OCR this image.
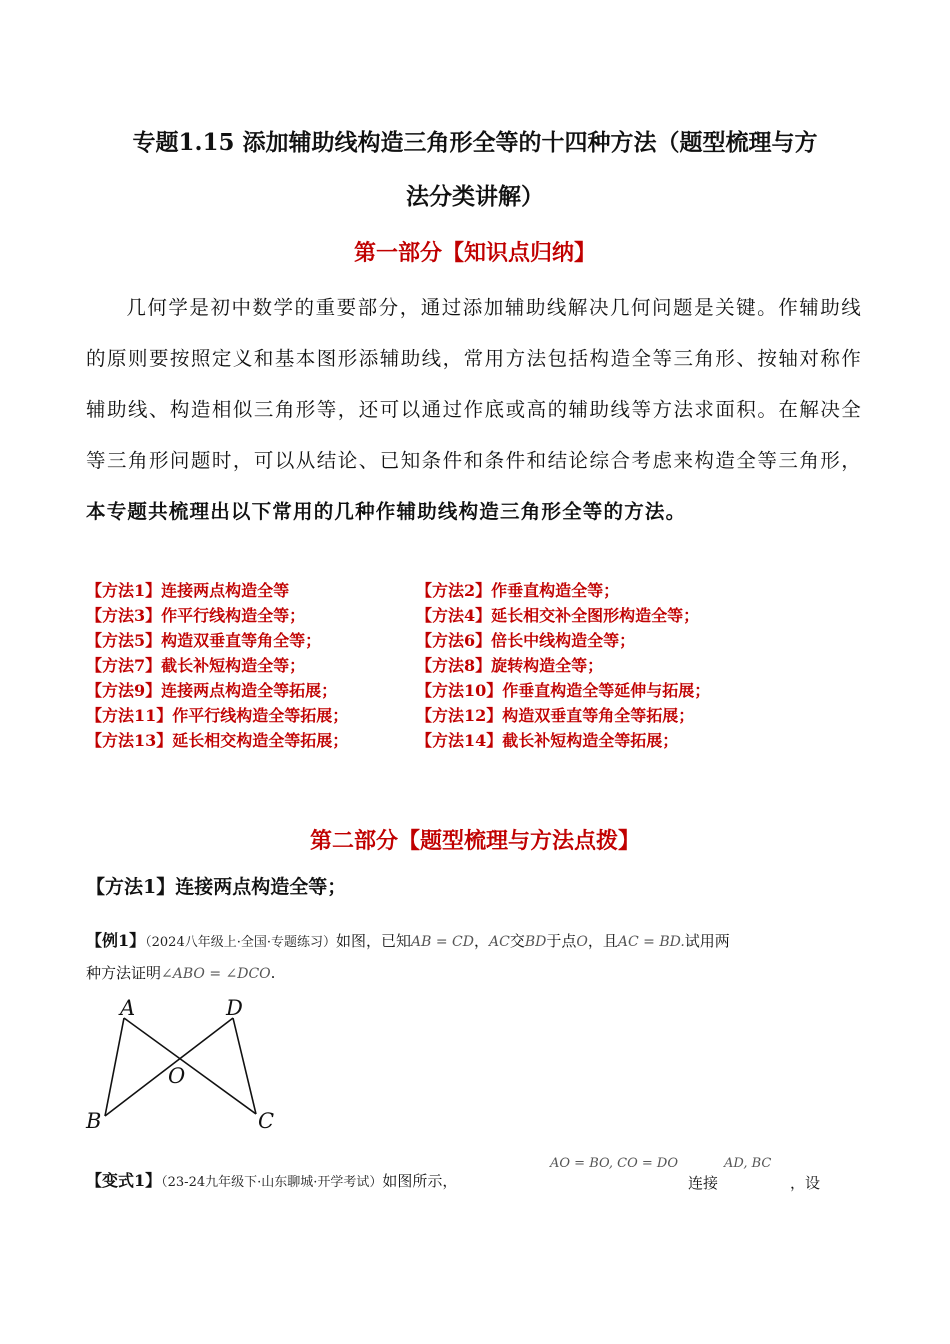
专题1.15 添加辅助线构造三角形全等的十四种方法（题型梳理与方
法分类讲解）
第一部分【知识点归纳】
几何学是初中数学的重要部分，通过添加辅助线解决几何问题是关键。作辅助线的原则要按照定义和基本图形添辅助线，常用方法包括构造全等三角形、按轴对称作辅助线、构造相似三角形等，还可以通过作底或高的辅助线等方法求面积。在解决全等三角形问题时，可以从结论、已知条件和条件和结论综合考虑来构造全等三角形，本专题共梳理出以下常用的几种作辅助线构造三角形全等的方法。
【方法1】连接两点构造全等	【方法2】作垂直构造全等；
【方法3】作平行线构造全等；	【方法4】延长相交补全图形构造全等；
【方法5】构造双垂直等角全等；	【方法6】倍长中线构造全等；
【方法7】截长补短构造全等；	【方法8】旋转构造全等；
【方法9】连接两点构造全等拓展；	【方法10】作垂直构造全等延伸与拓展；
【方法11】作平行线构造全等拓展；	【方法12】构造双垂直等角全等拓展；
【方法13】延长相交构造全等拓展；	【方法14】截长补短构造全等拓展；
第二部分【题型梳理与方法点拨】
【方法1】连接两点构造全等；
【例1】（2024八年级上·全国·专题练习）如图，已知AB = CD，AC交BD于点O，且AC = BD.试用两
种方法证明∠ABO = ∠DCO.
A	D
O
B	C
【变式1】（23-24九年级下·山东聊城·开学考试）如图所示，
AO = BO, CO = DO
连接
AD, BC
，设
